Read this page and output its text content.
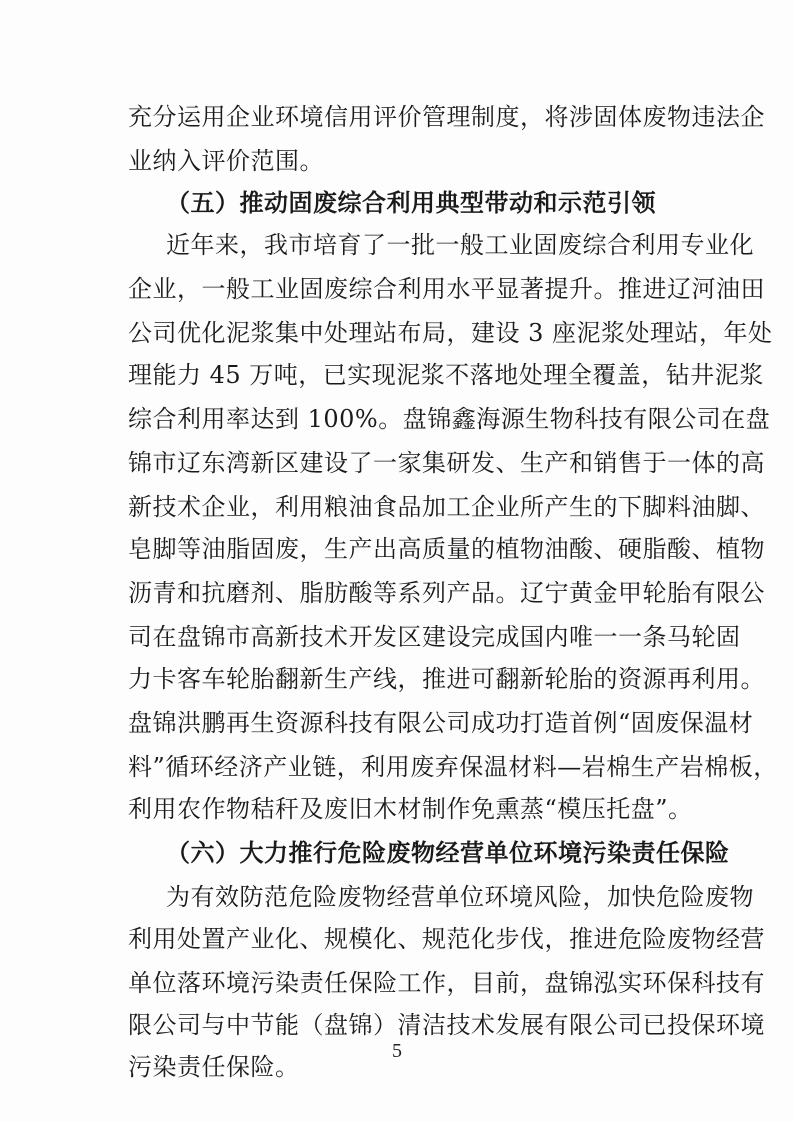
充分运用企业环境信用评价管理制度，将涉固体废物违法企
业纳入评价范围。
（五）推动固废综合利用典型带动和示范引领
近年来，我市培育了一批一般工业固废综合利用专业化
企业，一般工业固废综合利用水平显著提升。推进辽河油田
公司优化泥浆集中处理站布局，建设 3 座泥浆处理站，年处
理能力 45 万吨，已实现泥浆不落地处理全覆盖，钻井泥浆
综合利用率达到 100%。盘锦鑫海源生物科技有限公司在盘
锦市辽东湾新区建设了一家集研发、生产和销售于一体的高
新技术企业，利用粮油食品加工企业所产生的下脚料油脚、
皂脚等油脂固废，生产出高质量的植物油酸、硬脂酸、植物
沥青和抗磨剂、脂肪酸等系列产品。辽宁黄金甲轮胎有限公
司在盘锦市高新技术开发区建设完成国内唯一一条马轮固
力卡客车轮胎翻新生产线，推进可翻新轮胎的资源再利用。
盘锦洪鹏再生资源科技有限公司成功打造首例“固废保温材
料”循环经济产业链，利用废弃保温材料—岩棉生产岩棉板，
利用农作物秸秆及废旧木材制作免熏蒸“模压托盘”。
（六）大力推行危险废物经营单位环境污染责任保险
为有效防范危险废物经营单位环境风险，加快危险废物
利用处置产业化、规模化、规范化步伐，推进危险废物经营
单位落环境污染责任保险工作，目前，盘锦泓实环保科技有
限公司与中节能（盘锦）清洁技术发展有限公司已投保环境
污染责任保险。
5
